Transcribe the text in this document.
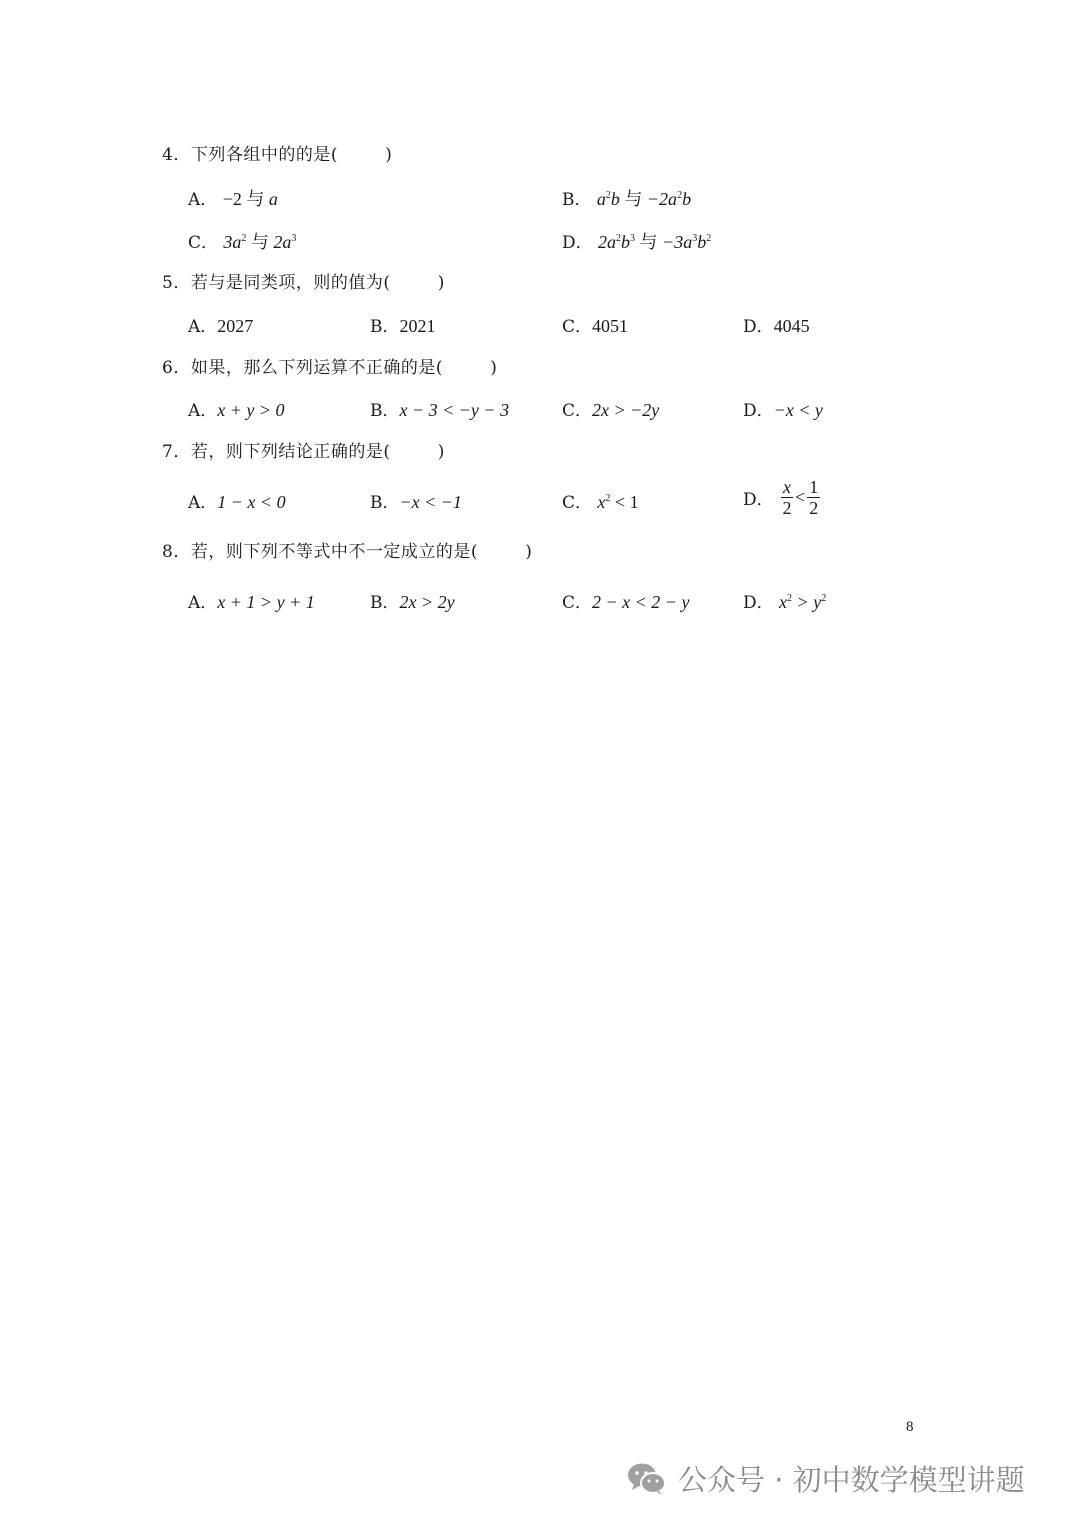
4．下列各组中的的是(        )
A． −2 与 a	B． $a^2b$ 与 $-2a^2b$
C． $3a^2$ 与 $2a^3$	D． $2a^2b^3$ 与 $-3a^3b^2$
5．若与是同类项，则的值为(        )
A．2027	B．2021	C．4051	D．4045
6．如果，那么下列运算不正确的是(        )
A．x + y > 0	B．x − 3 < −y − 3	C．2x > −2y	D．−x < y
7．若，则下列结论正确的是(        )
A．1 − x < 0	B．−x < −1	C． $x^2 < 1$	D． $\frac{x}{2} < \frac{1}{2}$
8．若，则下列不等式中不一定成立的是(        )
A．x + 1 > y + 1	B．2x > 2y	C．2 − x < 2 − y	D． $x^2 > y^2$
8
公众号 · 初中数学模型讲题
